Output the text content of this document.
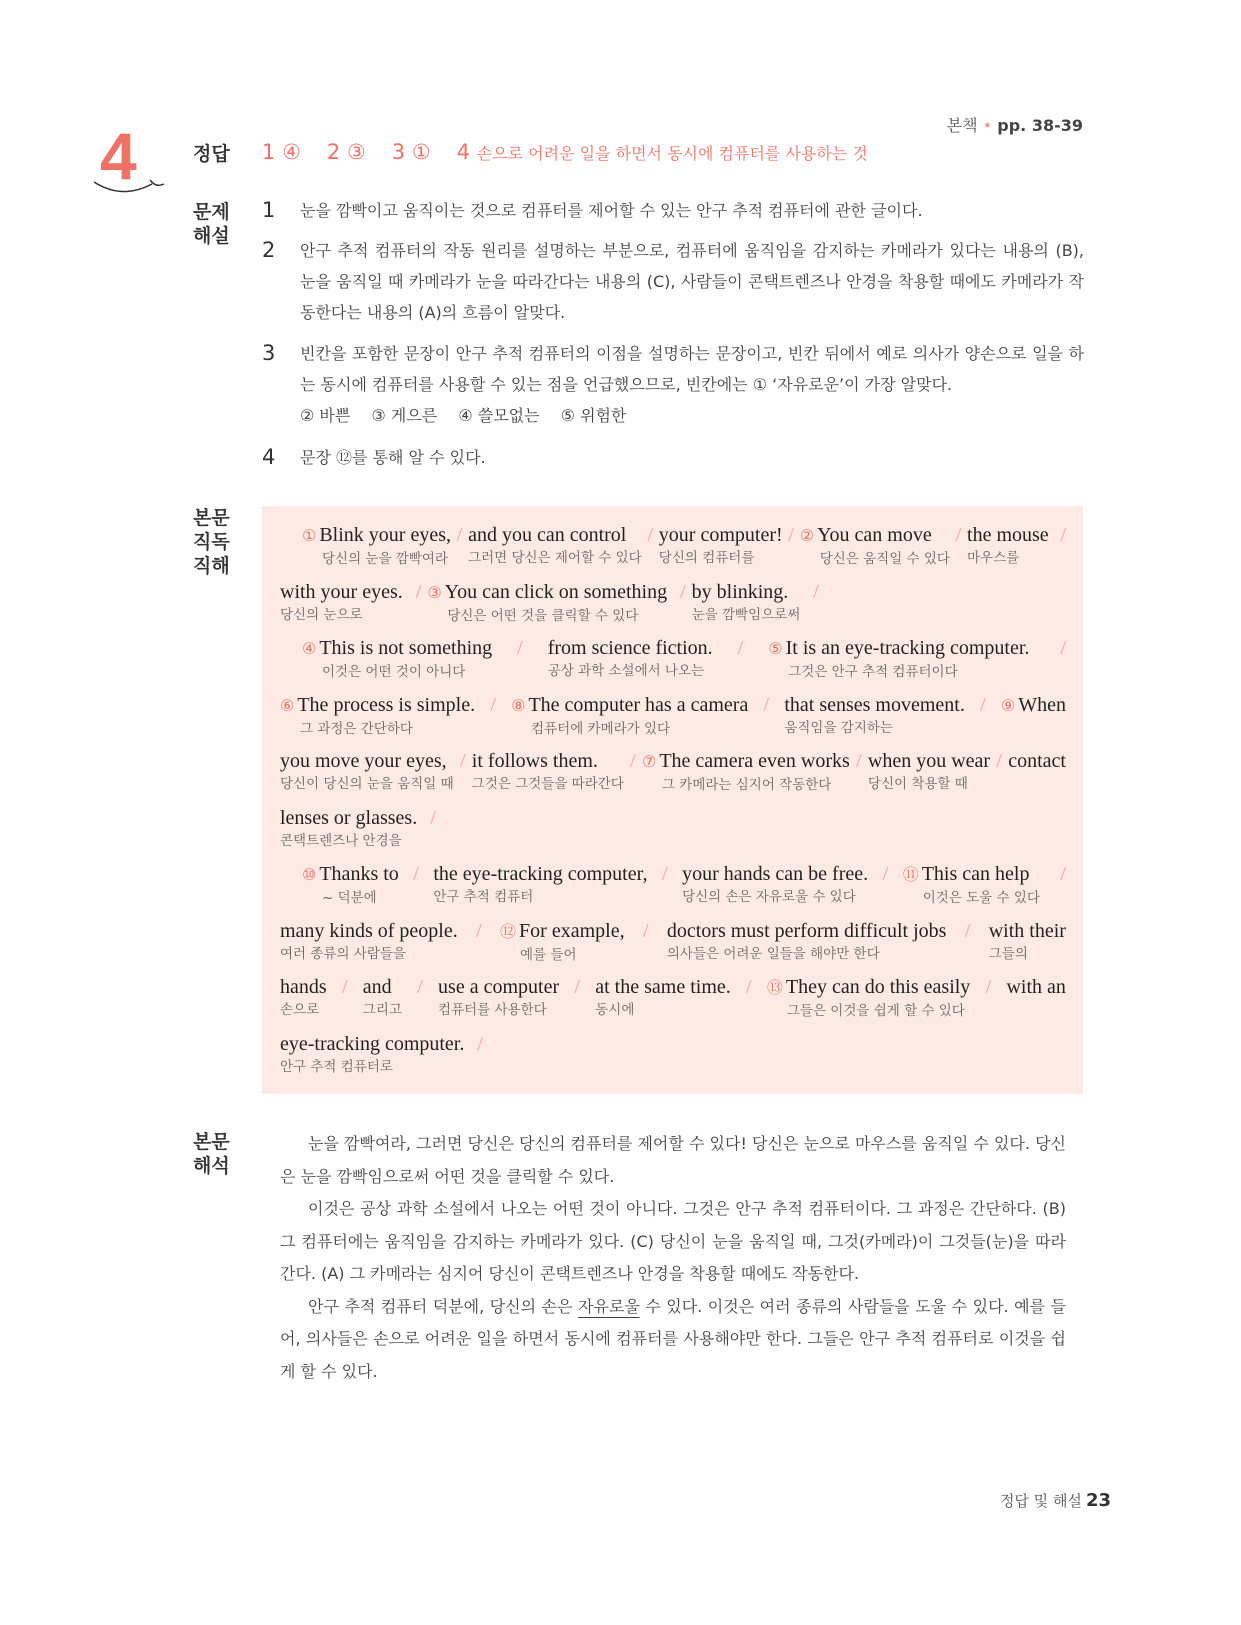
4	본책 • pp. 38-39
정답 1 ④ 2 ③ 3 ① 4 손으로 어려운 일을 하면서 동시에 컴퓨터를 사용하는 것
문제
해설
1	눈을 깜빡이고 움직이는 것으로 컴퓨터를 제어할 수 있는 안구 추적 컴퓨터에 관한 글이다.
2	안구 추적 컴퓨터의 작동 원리를 설명하는 부분으로, 컴퓨터에 움직임을 감지하는 카메라가 있다는 내용의 (B), 눈을 움직일 때 카메라가 눈을 따라간다는 내용의 (C), 사람들이 콘택트렌즈나 안경을 착용할 때에도 카메라가 작동한다는 내용의 (A)의 흐름이 알맞다.
3	빈칸을 포함한 문장이 안구 추적 컴퓨터의 이점을 설명하는 문장이고, 빈칸 뒤에서 예로 의사가 양손으로 일을 하는 동시에 컴퓨터를 사용할 수 있는 점을 언급했으므로, 빈칸에는 ① ‘자유로운’이 가장 알맞다.
② 바쁜　 ③ 게으른　 ④ 쓸모없는　 ⑤ 위험한
4	문장 ⑫를 통해 알 수 있다.
본문
직독
직해
① Blink your eyes,
당신의 눈을 깜빡여라
/ and you can control
그러면 당신은 제어할 수 있다
/ your computer!
당신의 컴퓨터를
/ ② You can move
당신은 움직일 수 있다
/ the mouse
마우스를
/
with your eyes.
당신의 눈으로
/ ③ You can click on something
당신은 어떤 것을 클릭할 수 있다
/ by blinking.
눈을 깜빡임으로써
/
④ This is not something
이것은 어떤 것이 아니다
/ from science fiction.
공상 과학 소설에서 나오는
/ ⑤ It is an eye-tracking computer.
그것은 안구 추적 컴퓨터이다
/
⑥ The process is simple.
그 과정은 간단하다
/ ⑧ The computer has a camera
컴퓨터에 카메라가 있다
/ that senses movement.
움직임을 감지하는
/ ⑨ When
you move your eyes,
당신이 당신의 눈을 움직일 때
/ it follows them.
그것은 그것들을 따라간다
/ ⑦ The camera even works
그 카메라는 심지어 작동한다
/ when you wear
당신이 착용할 때
/ contact
lenses or glasses.
콘택트렌즈나 안경을
/
⑩ Thanks to
~ 덕분에
/ the eye-tracking computer,
안구 추적 컴퓨터
/ your hands can be free.
당신의 손은 자유로울 수 있다
/ ⑪ This can help
이것은 도울 수 있다
/
many kinds of people.
여러 종류의 사람들을
/ ⑫ For example,
예를 들어
/ doctors must perform difficult jobs
의사들은 어려운 일들을 해야만 한다
/ with their
그들의
hands
손으로
/ and
그리고
/ use a computer
컴퓨터를 사용한다
/ at the same time.
동시에
/ ⑬ They can do this easily
그들은 이것을 쉽게 할 수 있다
/ with an
eye-tracking computer.
안구 추적 컴퓨터로
/
본문
해석

눈을 깜빡여라, 그러면 당신은 당신의 컴퓨터를 제어할 수 있다! 당신은 눈으로 마우스를 움직일 수 있다. 당신은 눈을 깜빡임으로써 어떤 것을 클릭할 수 있다.

이것은 공상 과학 소설에서 나오는 어떤 것이 아니다. 그것은 안구 추적 컴퓨터이다. 그 과정은 간단하다. (B) 그 컴퓨터에는 움직임을 감지하는 카메라가 있다. (C) 당신이 눈을 움직일 때, 그것(카메라)이 그것들(눈)을 따라간다. (A) 그 카메라는 심지어 당신이 콘택트렌즈나 안경을 착용할 때에도 작동한다.

안구 추적 컴퓨터 덕분에, 당신의 손은 자유로울 수 있다. 이것은 여러 종류의 사람들을 도울 수 있다. 예를 들어, 의사들은 손으로 어려운 일을 하면서 동시에 컴퓨터를 사용해야만 한다. 그들은 안구 추적 컴퓨터로 이것을 쉽게 할 수 있다.

정답 및 해설 23
